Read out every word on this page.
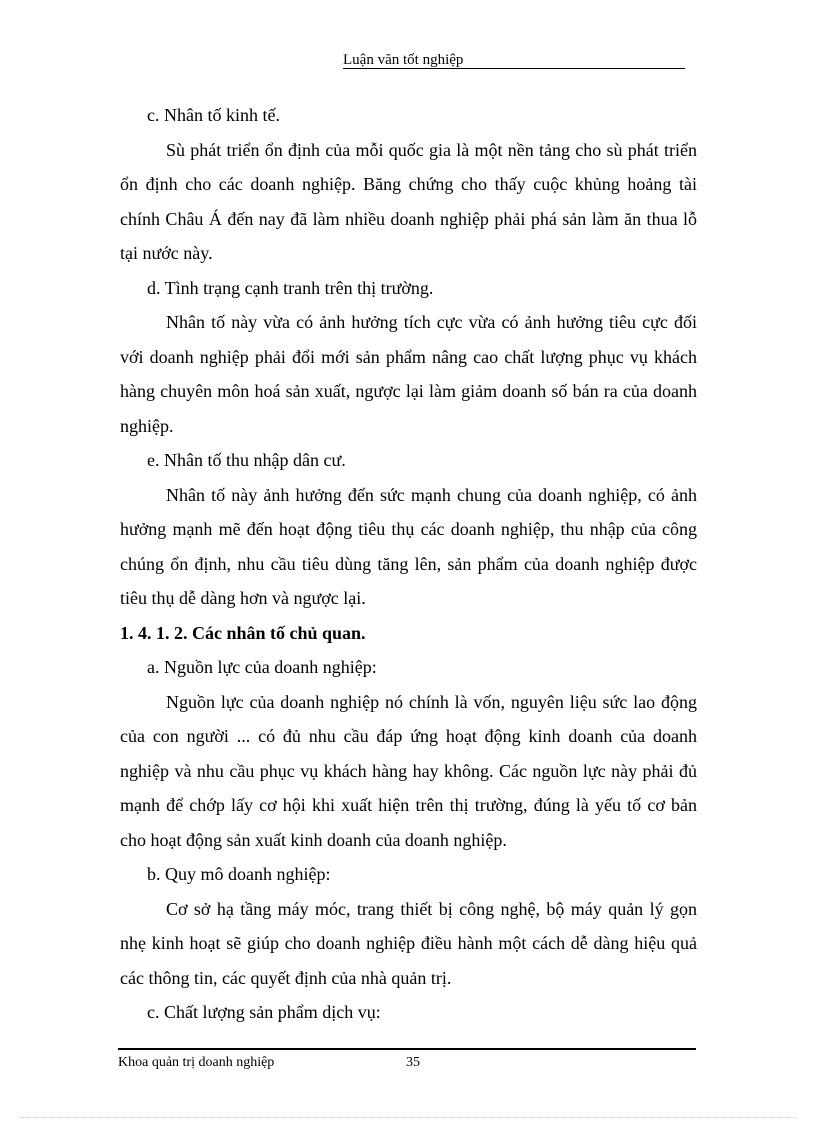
Luận văn tốt nghiệp

c. Nhân tố kinh tế.

Sù phát triển ổn định của mỗi quốc gia là một nền tảng cho sù phát triển ổn định cho các doanh nghiệp. Băng chứng cho thấy cuộc khủng hoảng tài chính Châu Á đến nay đã làm nhiều doanh nghiệp phải phá sản làm ăn thua lỗ tại nước này.

d. Tình trạng cạnh tranh trên thị trường.

Nhân tố này vừa có ảnh hưởng tích cực vừa có ảnh hưởng tiêu cực đối với doanh nghiệp phải đổi mới sản phẩm nâng cao chất lượng phục vụ khách hàng chuyên môn hoá sản xuất, ngược lại làm giảm doanh số bán ra của doanh nghiệp.

e. Nhân tố thu nhập dân cư.

Nhân tố này ảnh hưởng đến sức mạnh chung của doanh nghiệp, có ảnh hưởng mạnh mẽ đến hoạt động tiêu thụ các doanh nghiệp, thu nhập của công chúng ổn định, nhu cầu tiêu dùng tăng lên, sản phẩm của doanh nghiệp được tiêu thụ dễ dàng hơn và ngược lại.

1. 4. 1. 2. Các nhân tố chủ quan.

a. Nguồn lực của doanh nghiệp:

Nguồn lực của doanh nghiệp nó chính là vốn, nguyên liệu sức lao động của con người ... có đủ nhu cầu đáp ứng hoạt động kinh doanh của doanh nghiệp và nhu cầu phục vụ khách hàng hay không. Các nguồn lực này phải đủ mạnh để chớp lấy cơ hội khi xuất hiện trên thị trường, đúng là yếu tố cơ bản cho hoạt động sản xuất kinh doanh của doanh nghiệp.

b. Quy mô doanh nghiệp:

Cơ sở hạ tầng máy móc, trang thiết bị công nghệ, bộ máy quản lý gọn nhẹ kinh hoạt sẽ giúp cho doanh nghiệp điều hành một cách dễ dàng hiệu quả các thông tin, các quyết định của nhà quản trị.

c. Chất lượng sản phẩm dịch vụ:

Khoa quản trị doanh nghiệp	35
